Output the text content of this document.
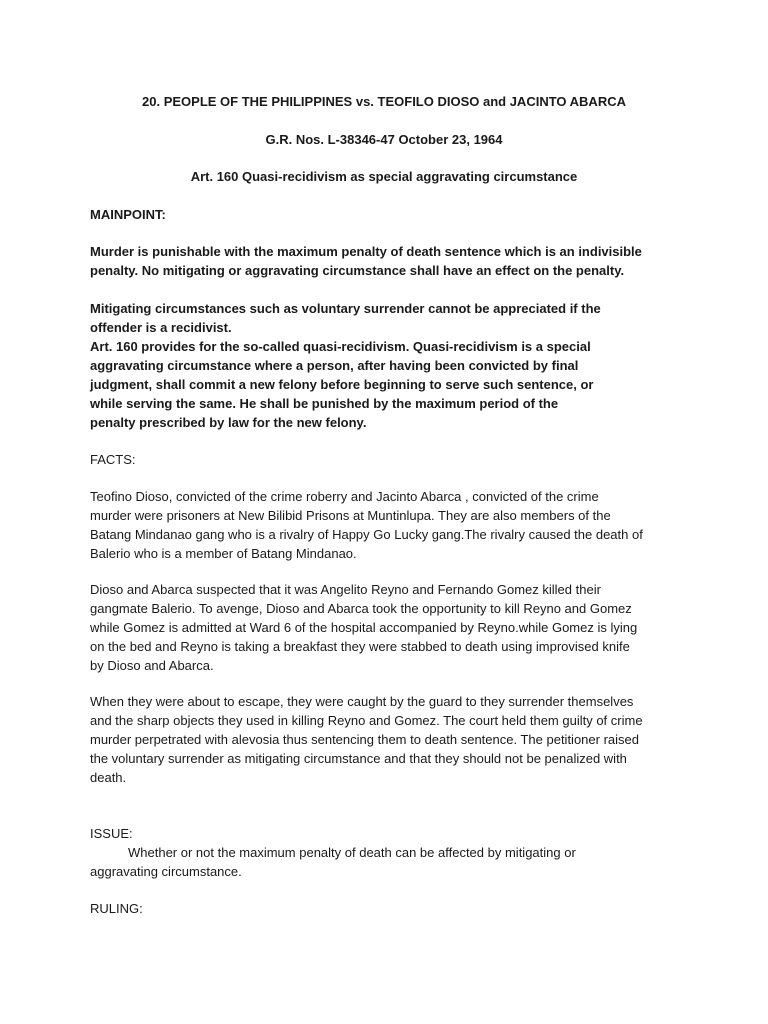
20. PEOPLE OF THE PHILIPPINES vs. TEOFILO DIOSO and JACINTO ABARCA

G.R. Nos. L-38346-47 October 23, 1964

Art. 160 Quasi-recidivism as special aggravating circumstance

MAINPOINT:

Murder is punishable with the maximum penalty of death sentence which is an indivisible
penalty. No mitigating or aggravating circumstance shall have an effect on the penalty.

Mitigating circumstances such as voluntary surrender cannot be appreciated if the
offender is a recidivist.
Art. 160 provides for the so-called quasi-recidivism. Quasi-recidivism is a special
aggravating circumstance where a person, after having been convicted by final
judgment, shall commit a new felony before beginning to serve such sentence, or
while serving the same. He shall be punished by the maximum period of the
penalty prescribed by law for the new felony.

FACTS:

Teofino Dioso, convicted of the crime roberry and Jacinto Abarca , convicted of the crime
murder were prisoners at New Bilibid Prisons at Muntinlupa. They are also members of the
Batang Mindanao gang who is a rivalry of Happy Go Lucky gang.The rivalry caused the death of
Balerio who is a member of Batang Mindanao.

Dioso and Abarca suspected that it was Angelito Reyno and Fernando Gomez killed their
gangmate Balerio. To avenge, Dioso and Abarca took the opportunity to kill Reyno and Gomez
while Gomez is admitted at Ward 6 of the hospital accompanied by Reyno.while Gomez is lying
on the bed and Reyno is taking a breakfast they were stabbed to death using improvised knife
by Dioso and Abarca.

When they were about to escape, they were caught by the guard to they surrender themselves
and the sharp objects they used in killing Reyno and Gomez. The court held them guilty of crime
murder perpetrated with alevosia thus sentencing them to death sentence. The petitioner raised
the voluntary surrender as mitigating circumstance and that they should not be penalized with
death.

ISSUE:

Whether or not the maximum penalty of death can be affected by mitigating or
aggravating circumstance.

RULING:
